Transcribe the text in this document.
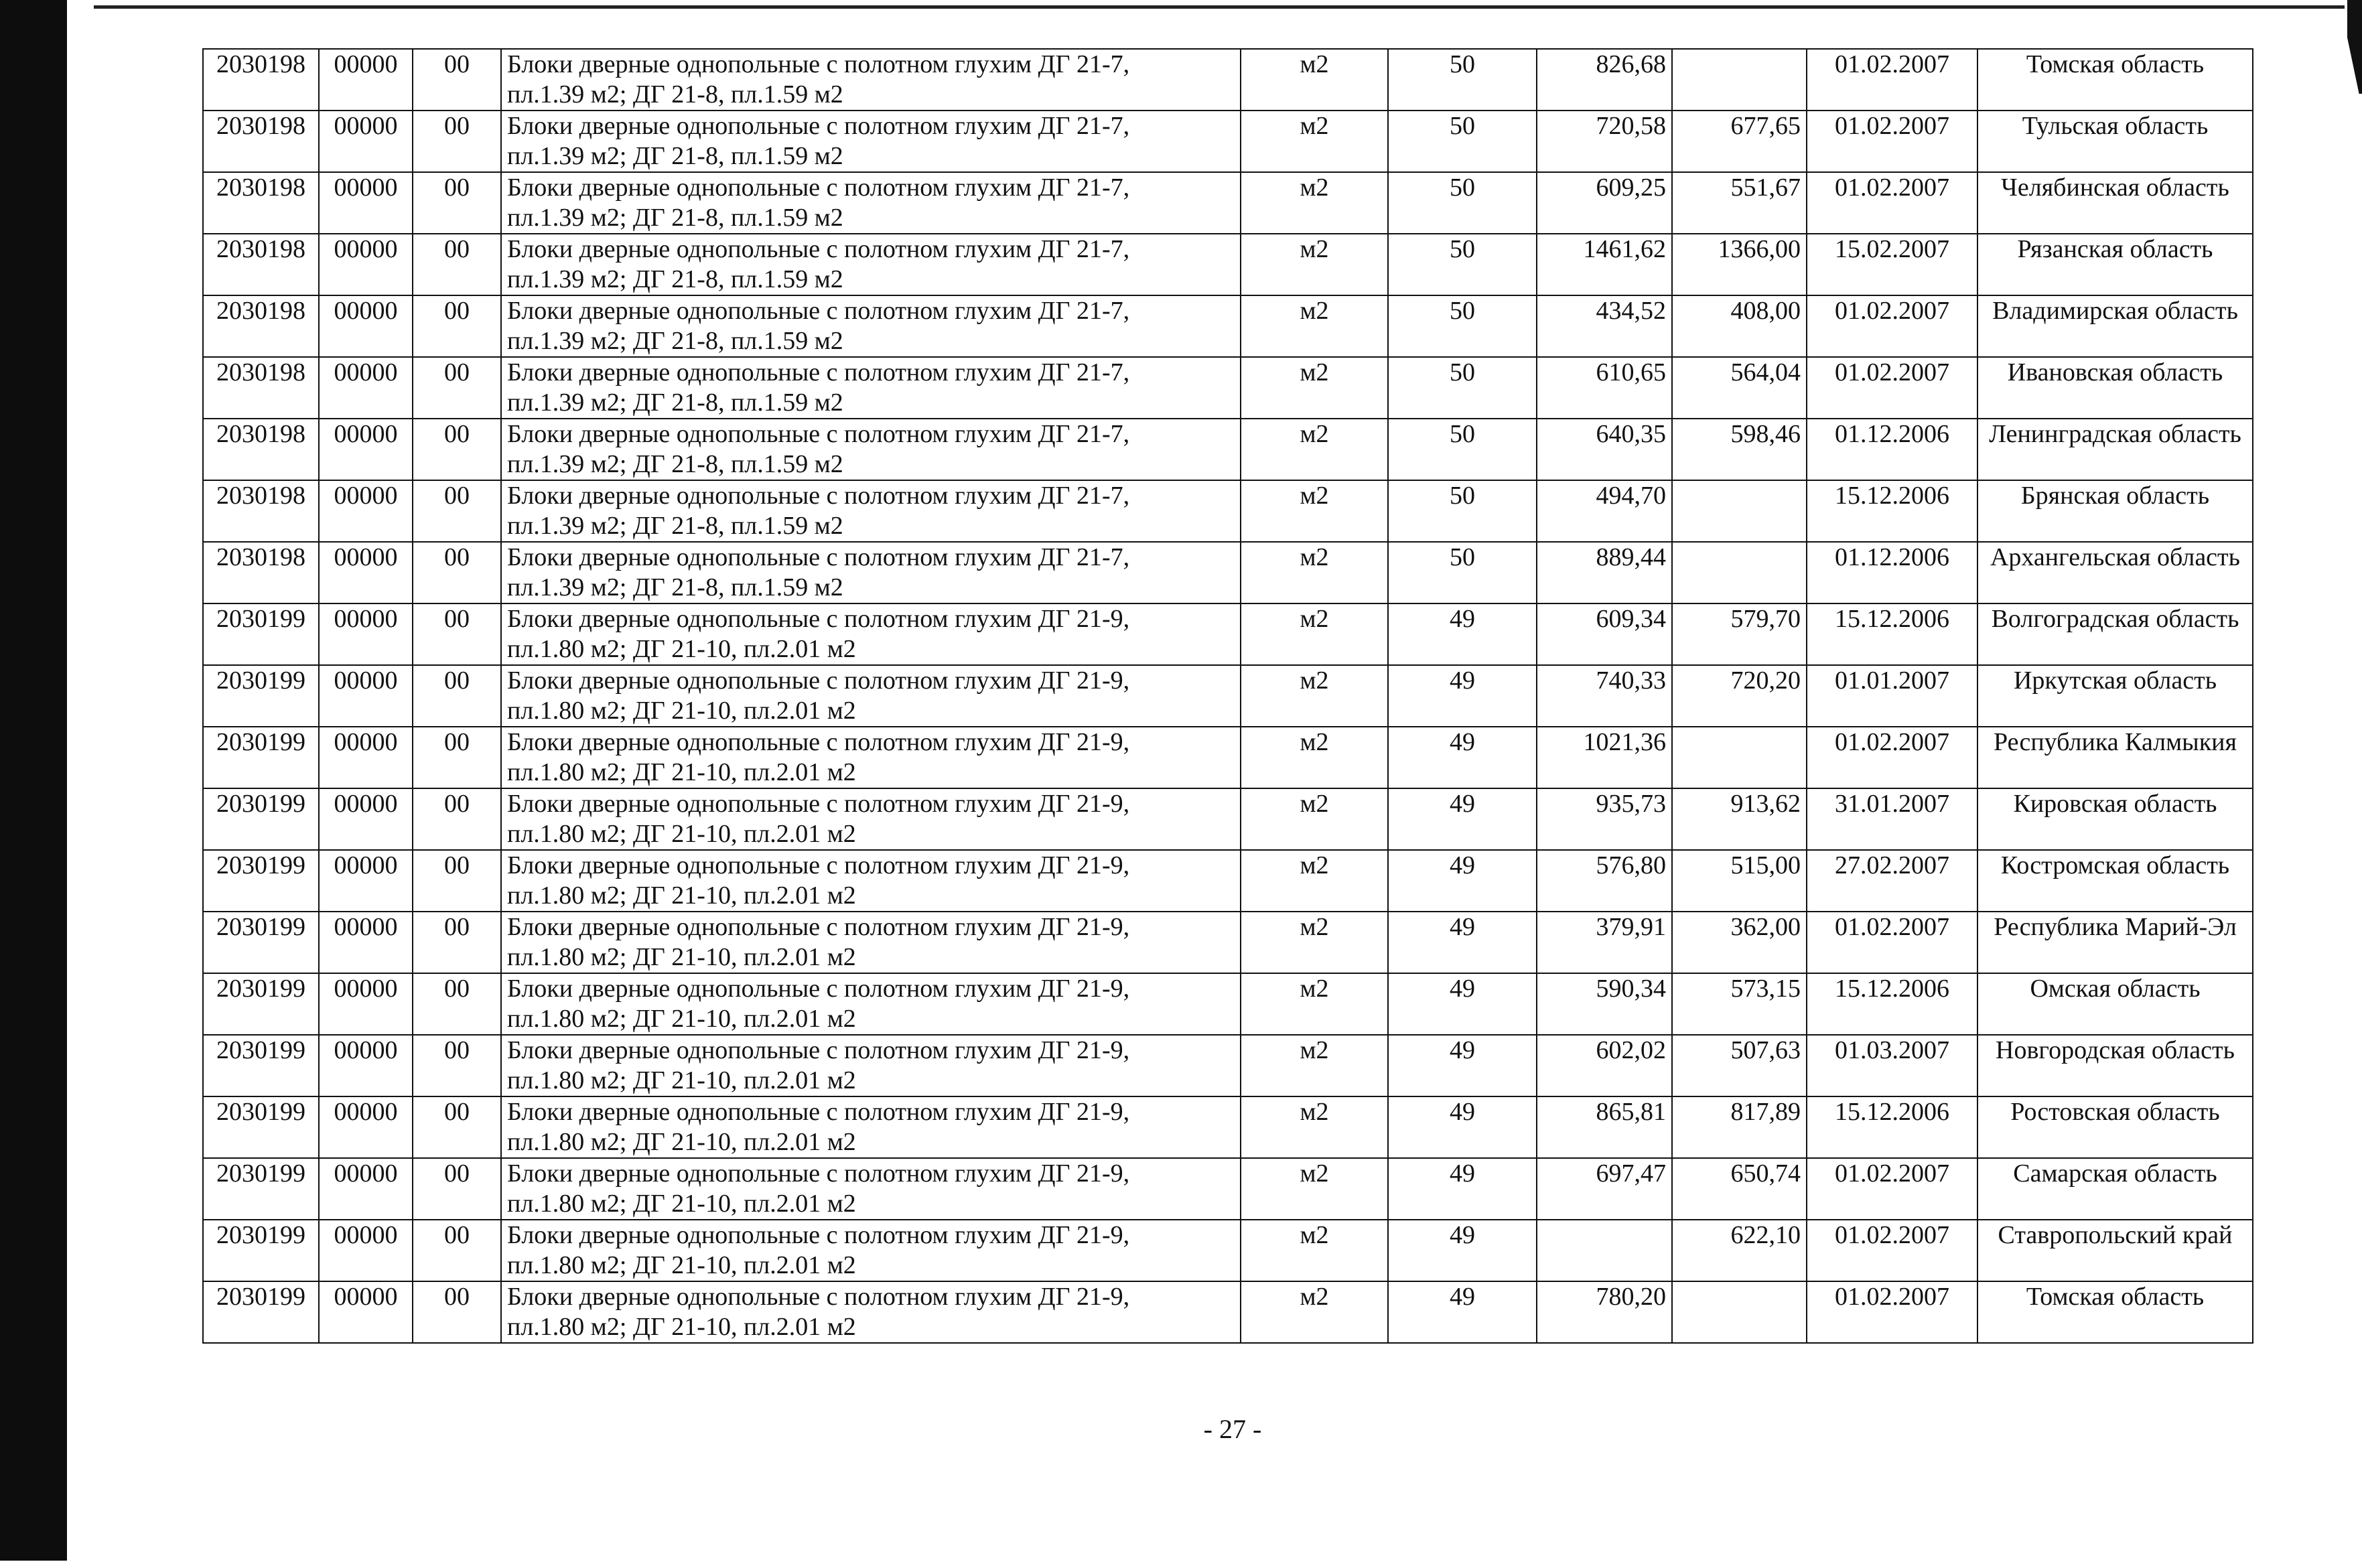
2030198	00000	00	Блоки дверные однопольные с полотном глухим ДГ 21-7,
пл.1.39 м2; ДГ 21-8, пл.1.59 м2	м2	50	826,68		01.02.2007	Томская область
2030198	00000	00	Блоки дверные однопольные с полотном глухим ДГ 21-7,
пл.1.39 м2; ДГ 21-8, пл.1.59 м2	м2	50	720,58	677,65	01.02.2007	Тульская область
2030198	00000	00	Блоки дверные однопольные с полотном глухим ДГ 21-7,
пл.1.39 м2; ДГ 21-8, пл.1.59 м2	м2	50	609,25	551,67	01.02.2007	Челябинская область
2030198	00000	00	Блоки дверные однопольные с полотном глухим ДГ 21-7,
пл.1.39 м2; ДГ 21-8, пл.1.59 м2	м2	50	1461,62	1366,00	15.02.2007	Рязанская область
2030198	00000	00	Блоки дверные однопольные с полотном глухим ДГ 21-7,
пл.1.39 м2; ДГ 21-8, пл.1.59 м2	м2	50	434,52	408,00	01.02.2007	Владимирская область
2030198	00000	00	Блоки дверные однопольные с полотном глухим ДГ 21-7,
пл.1.39 м2; ДГ 21-8, пл.1.59 м2	м2	50	610,65	564,04	01.02.2007	Ивановская область
2030198	00000	00	Блоки дверные однопольные с полотном глухим ДГ 21-7,
пл.1.39 м2; ДГ 21-8, пл.1.59 м2	м2	50	640,35	598,46	01.12.2006	Ленинградская область
2030198	00000	00	Блоки дверные однопольные с полотном глухим ДГ 21-7,
пл.1.39 м2; ДГ 21-8, пл.1.59 м2	м2	50	494,70		15.12.2006	Брянская область
2030198	00000	00	Блоки дверные однопольные с полотном глухим ДГ 21-7,
пл.1.39 м2; ДГ 21-8, пл.1.59 м2	м2	50	889,44		01.12.2006	Архангельская область
2030199	00000	00	Блоки дверные однопольные с полотном глухим ДГ 21-9,
пл.1.80 м2; ДГ 21-10, пл.2.01 м2	м2	49	609,34	579,70	15.12.2006	Волгоградская область
2030199	00000	00	Блоки дверные однопольные с полотном глухим ДГ 21-9,
пл.1.80 м2; ДГ 21-10, пл.2.01 м2	м2	49	740,33	720,20	01.01.2007	Иркутская область
2030199	00000	00	Блоки дверные однопольные с полотном глухим ДГ 21-9,
пл.1.80 м2; ДГ 21-10, пл.2.01 м2	м2	49	1021,36		01.02.2007	Республика Калмыкия
2030199	00000	00	Блоки дверные однопольные с полотном глухим ДГ 21-9,
пл.1.80 м2; ДГ 21-10, пл.2.01 м2	м2	49	935,73	913,62	31.01.2007	Кировская область
2030199	00000	00	Блоки дверные однопольные с полотном глухим ДГ 21-9,
пл.1.80 м2; ДГ 21-10, пл.2.01 м2	м2	49	576,80	515,00	27.02.2007	Костромская область
2030199	00000	00	Блоки дверные однопольные с полотном глухим ДГ 21-9,
пл.1.80 м2; ДГ 21-10, пл.2.01 м2	м2	49	379,91	362,00	01.02.2007	Республика Марий-Эл
2030199	00000	00	Блоки дверные однопольные с полотном глухим ДГ 21-9,
пл.1.80 м2; ДГ 21-10, пл.2.01 м2	м2	49	590,34	573,15	15.12.2006	Омская область
2030199	00000	00	Блоки дверные однопольные с полотном глухим ДГ 21-9,
пл.1.80 м2; ДГ 21-10, пл.2.01 м2	м2	49	602,02	507,63	01.03.2007	Новгородская область
2030199	00000	00	Блоки дверные однопольные с полотном глухим ДГ 21-9,
пл.1.80 м2; ДГ 21-10, пл.2.01 м2	м2	49	865,81	817,89	15.12.2006	Ростовская область
2030199	00000	00	Блоки дверные однопольные с полотном глухим ДГ 21-9,
пл.1.80 м2; ДГ 21-10, пл.2.01 м2	м2	49	697,47	650,74	01.02.2007	Самарская область
2030199	00000	00	Блоки дверные однопольные с полотном глухим ДГ 21-9,
пл.1.80 м2; ДГ 21-10, пл.2.01 м2	м2	49		622,10	01.02.2007	Ставропольский край
2030199	00000	00	Блоки дверные однопольные с полотном глухим ДГ 21-9,
пл.1.80 м2; ДГ 21-10, пл.2.01 м2	м2	49	780,20		01.02.2007	Томская область
- 27 -
